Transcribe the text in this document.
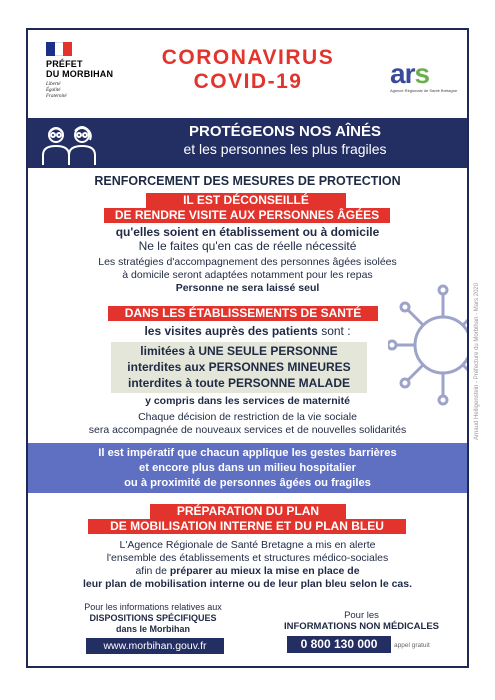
PRÉFET
DU MORBIHAN
Liberté
Égalité
Fraternité
CORONAVIRUS
COVID-19	ars
Agence Régionale de Santé Bretagne
PROTÉGEONS NOS AÎNÉS
et les personnes les plus fragiles
RENFORCEMENT DES MESURES DE PROTECTION
IL EST DÉCONSEILLÉ
DE RENDRE VISITE AUX PERSONNES ÂGÉES
qu'elles soient en établissement ou à domicile
Ne le faites qu'en cas de réelle nécessité
Les stratégies d'accompagnement des personnes âgées isolées
à domicile seront adaptées notamment pour les repas
Personne ne sera laissé seul
DANS LES ÉTABLISSEMENTS DE SANTÉ
les visites auprès des patients sont :
limitées à UNE SEULE PERSONNE
interdites aux PERSONNES MINEURES
interdites à toute PERSONNE MALADE
y compris dans les services de maternité
Chaque décision de restriction de la vie sociale
sera accompagnée de nouveaux services et de nouvelles solidarités
Il est impératif que chacun applique les gestes barrières
et encore plus dans un milieu hospitalier
ou à proximité de personnes âgées ou fragiles
PRÉPARATION DU PLAN
DE MOBILISATION INTERNE ET DU PLAN BLEU
L'Agence Régionale de Santé Bretagne a mis en alerte
l'ensemble des établissements et structures médico-sociales
afin de préparer au mieux la mise en place de
leur plan de mobilisation interne ou de leur plan bleu selon le cas.
Pour les informations relatives aux
DISPOSITIONS SPÉCIFIQUES
dans le Morbihan
www.morbihan.gouv.fr
Pour les
INFORMATIONS NON MÉDICALES
0 800 130 000	appel gratuit
Arnaud Heiligenstein - Préfecture du Morbihan - Mars 2020
